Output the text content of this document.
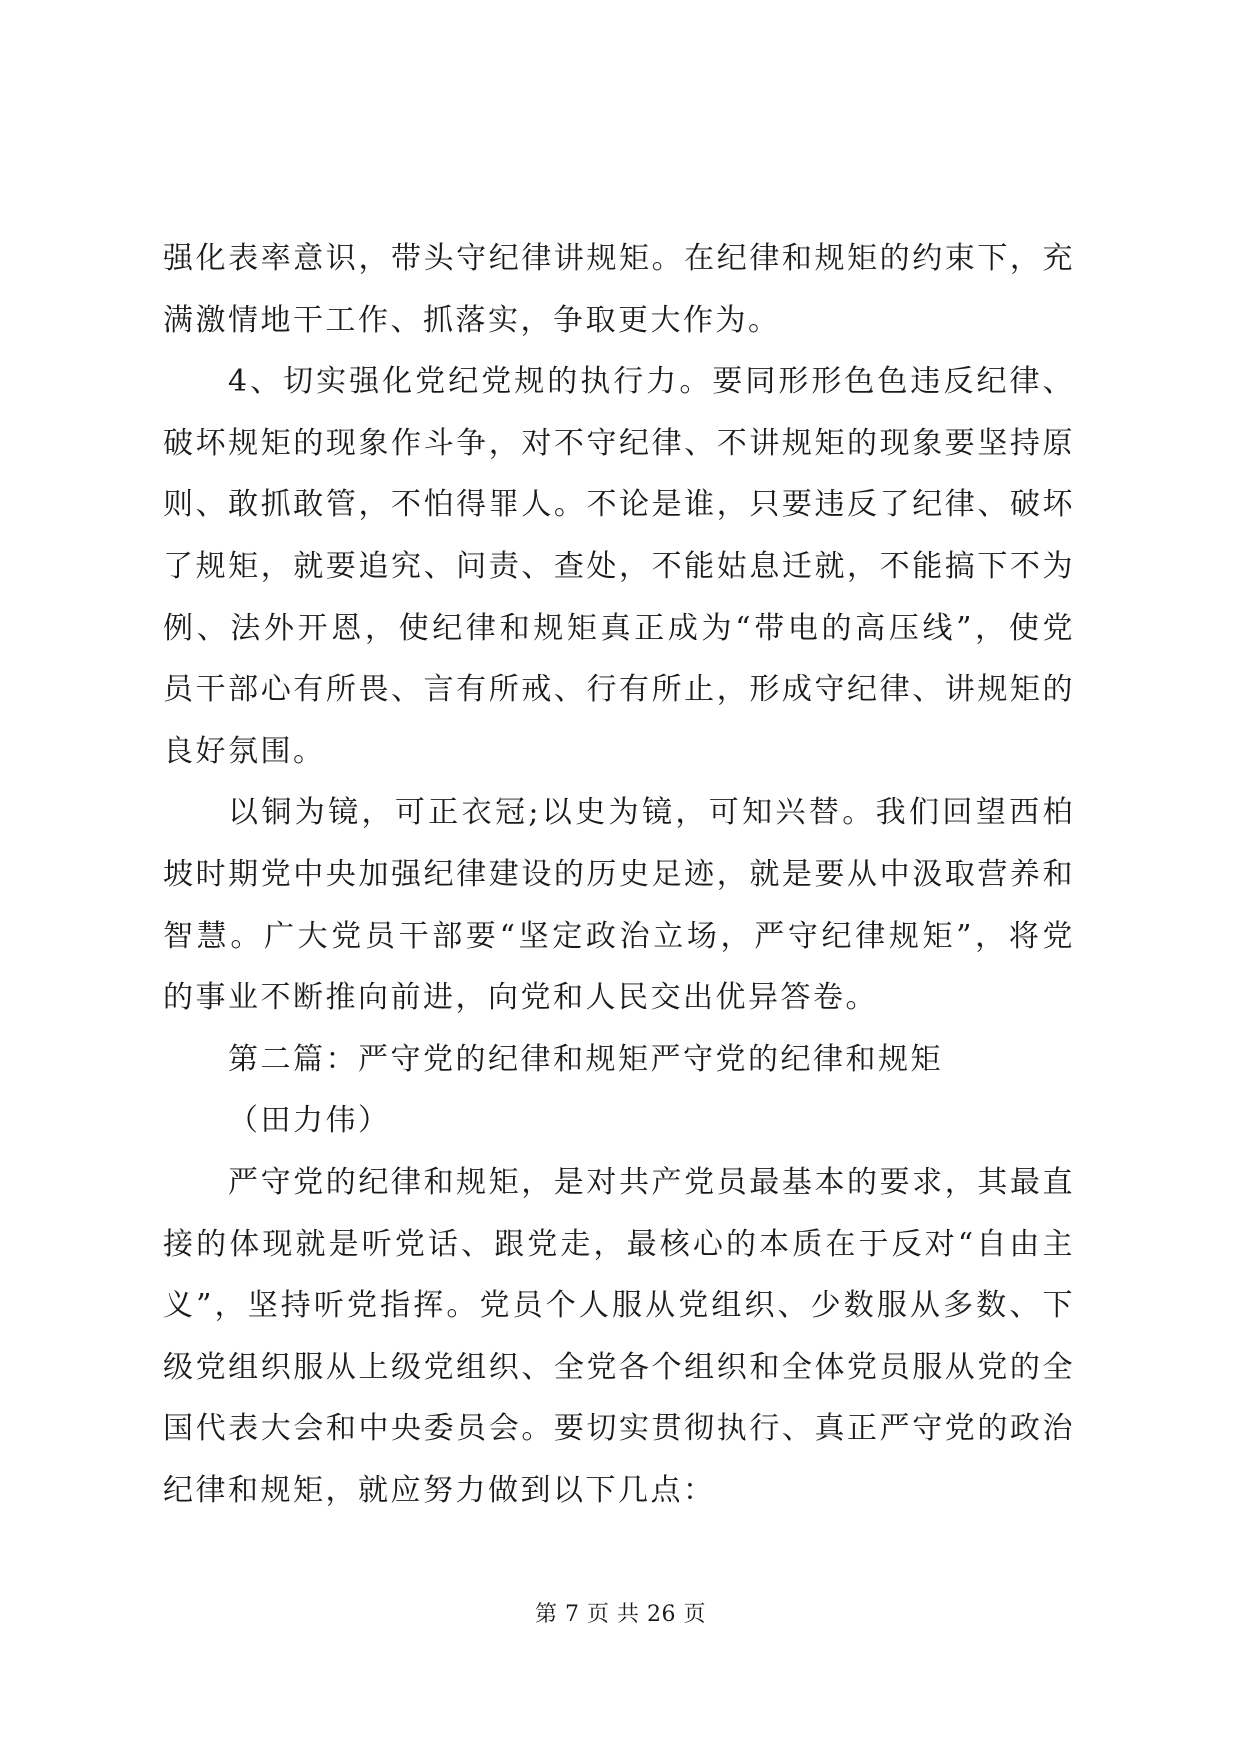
强化表率意识，带头守纪律讲规矩。在纪律和规矩的约束下，充满激情地干工作、抓落实，争取更大作为。

4、切实强化党纪党规的执行力。要同形形色色违反纪律、破坏规矩的现象作斗争，对不守纪律、不讲规矩的现象要坚持原则、敢抓敢管，不怕得罪人。不论是谁，只要违反了纪律、破坏了规矩，就要追究、问责、查处，不能姑息迁就，不能搞下不为例、法外开恩，使纪律和规矩真正成为“带电的高压线”，使党员干部心有所畏、言有所戒、行有所止，形成守纪律、讲规矩的良好氛围。

以铜为镜，可正衣冠;以史为镜，可知兴替。我们回望西柏坡时期党中央加强纪律建设的历史足迹，就是要从中汲取营养和智慧。广大党员干部要“坚定政治立场，严守纪律规矩”，将党的事业不断推向前进，向党和人民交出优异答卷。

第二篇：严守党的纪律和规矩严守党的纪律和规矩

（田力伟）

严守党的纪律和规矩，是对共产党员最基本的要求，其最直接的体现就是听党话、跟党走，最核心的本质在于反对“自由主义”，坚持听党指挥。党员个人服从党组织、少数服从多数、下级党组织服从上级党组织、全党各个组织和全体党员服从党的全国代表大会和中央委员会。要切实贯彻执行、真正严守党的政治纪律和规矩，就应努力做到以下几点：

第 7 页 共 26 页
